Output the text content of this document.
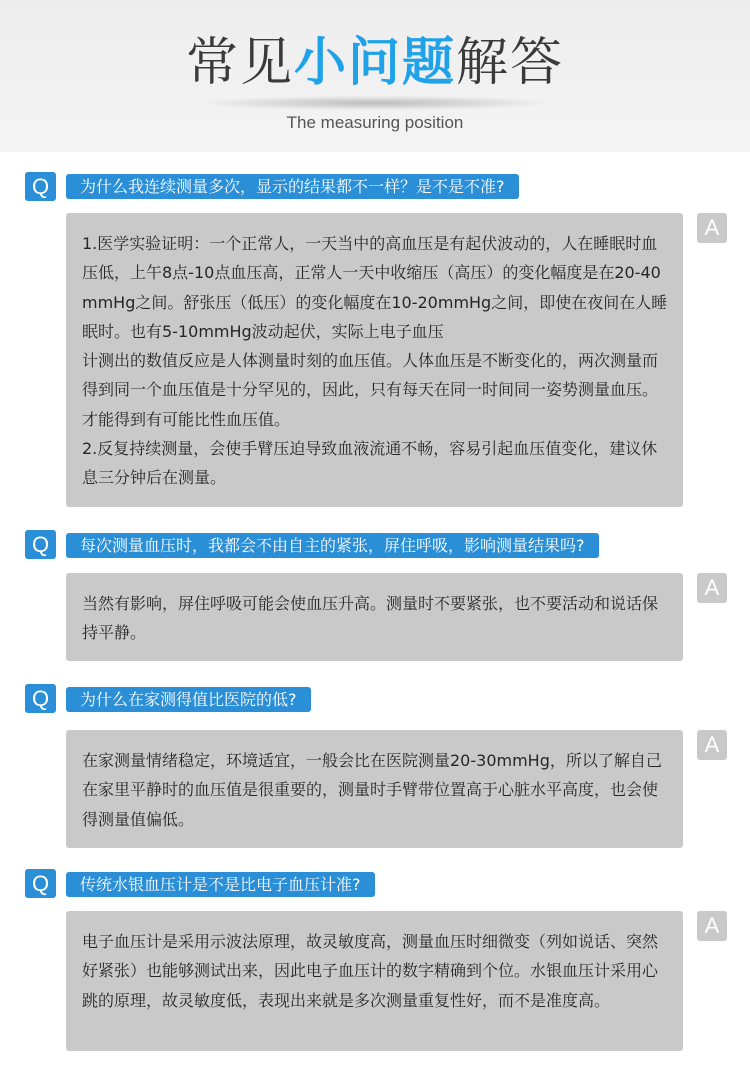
常见小问题解答
The measuring position
Q	为什么我连续测量多次，显示的结果都不一样？是不是不准?
1.医学实验证明：一个正常人，一天当中的高血压是有起伏波动的，人在睡眠时血压低，上午8点-10点血压高，正常人一天中收缩压（高压）的变化幅度是在20-40mmHg之间。舒张压（低压）的变化幅度在10-20mmHg之间，即使在夜间在人睡眠时。也有5-10mmHg波动起伏，实际上电子血压
计测出的数值反应是人体测量时刻的血压值。人体血压是不断变化的，两次测量而得到同一个血压值是十分罕见的，因此，只有每天在同一时间同一姿势测量血压。才能得到有可能比性血压值。
2.反复持续测量，会使手臂压迫导致血液流通不畅，容易引起血压值变化，建议休息三分钟后在测量。
A
Q	每次测量血压时，我都会不由自主的紧张，屏住呼吸，影响测量结果吗?
当然有影响，屏住呼吸可能会使血压升高。测量时不要紧张，也不要活动和说话保持平静。
A
Q	为什么在家测得值比医院的低?
在家测量情绪稳定，环境适宜，一般会比在医院测量20-30mmHg，所以了解自己在家里平静时的血压值是很重要的，测量时手臂带位置高于心脏水平高度，也会使得测量值偏低。
A
Q	传统水银血压计是不是比电子血压计准?
电子血压计是采用示波法原理，故灵敏度高，测量血压时细微变（列如说话、突然好紧张）也能够测试出来，因此电子血压计的数字精确到个位。水银血压计采用心跳的原理，故灵敏度低，表现出来就是多次测量重复性好，而不是准度高。
A
